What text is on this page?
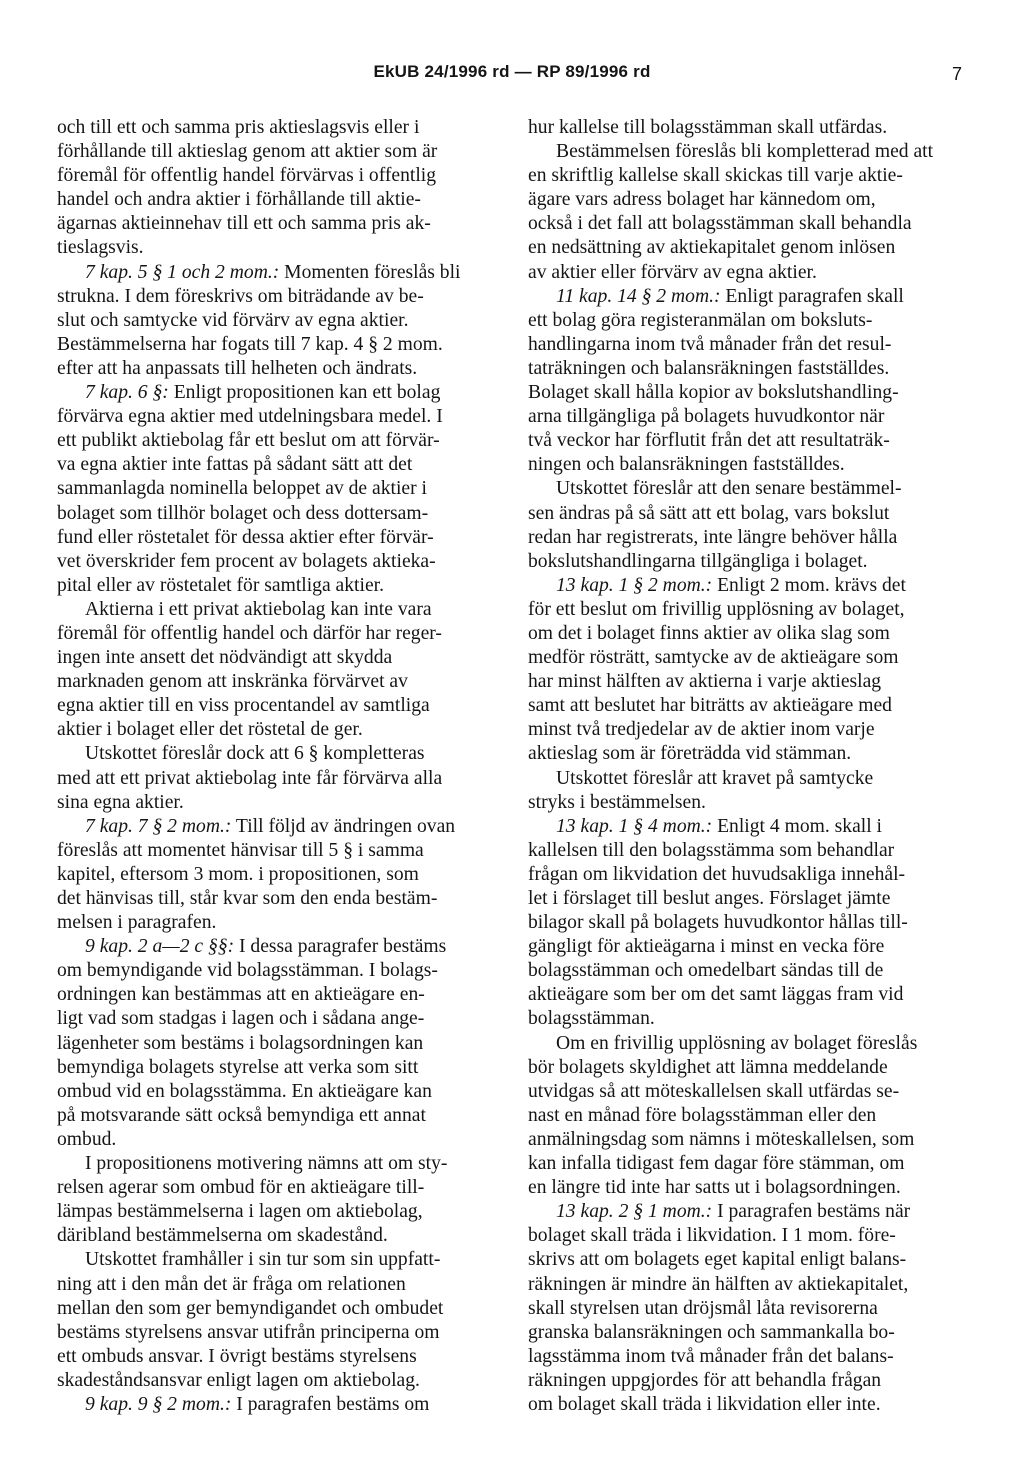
EkUB 24/1996 rd — RP 89/1996 rd	7
och till ett och samma pris aktieslagsvis eller i
förhållande till aktieslag genom att aktier som är
föremål för offentlig handel förvärvas i offentlig
handel och andra aktier i förhållande till aktie-
ägarnas aktieinnehav till ett och samma pris ak-
tieslagsvis.
7 kap. 5 § 1 och 2 mom.: Momenten föreslås bli
strukna. I dem föreskrivs om biträdande av be-
slut och samtycke vid förvärv av egna aktier.
Bestämmelserna har fogats till 7 kap. 4 § 2 mom.
efter att ha anpassats till helheten och ändrats.
7 kap. 6 §: Enligt propositionen kan ett bolag
förvärva egna aktier med utdelningsbara medel. I
ett publikt aktiebolag får ett beslut om att förvär-
va egna aktier inte fattas på sådant sätt att det
sammanlagda nominella beloppet av de aktier i
bolaget som tillhör bolaget och dess dottersam-
fund eller röstetalet för dessa aktier efter förvär-
vet överskrider fem procent av bolagets aktieka-
pital eller av röstetalet för samtliga aktier.
Aktierna i ett privat aktiebolag kan inte vara
föremål för offentlig handel och därför har reger-
ingen inte ansett det nödvändigt att skydda
marknaden genom att inskränka förvärvet av
egna aktier till en viss procentandel av samtliga
aktier i bolaget eller det röstetal de ger.
Utskottet föreslår dock att 6 § kompletteras
med att ett privat aktiebolag inte får förvärva alla
sina egna aktier.
7 kap. 7 § 2 mom.: Till följd av ändringen ovan
föreslås att momentet hänvisar till 5 § i samma
kapitel, eftersom 3 mom. i propositionen, som
det hänvisas till, står kvar som den enda bestäm-
melsen i paragrafen.
9 kap. 2 a—2 c §§: I dessa paragrafer bestäms
om bemyndigande vid bolagsstämman. I bolags-
ordningen kan bestämmas att en aktieägare en-
ligt vad som stadgas i lagen och i sådana ange-
lägenheter som bestäms i bolagsordningen kan
bemyndiga bolagets styrelse att verka som sitt
ombud vid en bolagsstämma. En aktieägare kan
på motsvarande sätt också bemyndiga ett annat
ombud.
I propositionens motivering nämns att om sty-
relsen agerar som ombud för en aktieägare till-
lämpas bestämmelserna i lagen om aktiebolag,
däribland bestämmelserna om skadestånd.
Utskottet framhåller i sin tur som sin uppfatt-
ning att i den mån det är fråga om relationen
mellan den som ger bemyndigandet och ombudet
bestäms styrelsens ansvar utifrån principerna om
ett ombuds ansvar. I övrigt bestäms styrelsens
skadeståndsansvar enligt lagen om aktiebolag.
9 kap. 9 § 2 mom.: I paragrafen bestäms om
hur kallelse till bolagsstämman skall utfärdas.
Bestämmelsen föreslås bli kompletterad med att
en skriftlig kallelse skall skickas till varje aktie-
ägare vars adress bolaget har kännedom om,
också i det fall att bolagsstämman skall behandla
en nedsättning av aktiekapitalet genom inlösen
av aktier eller förvärv av egna aktier.
11 kap. 14 § 2 mom.: Enligt paragrafen skall
ett bolag göra registeranmälan om boksluts-
handlingarna inom två månader från det resul-
taträkningen och balansräkningen fastställdes.
Bolaget skall hålla kopior av bokslutshandling-
arna tillgängliga på bolagets huvudkontor när
två veckor har förflutit från det att resultaträk-
ningen och balansräkningen fastställdes.
Utskottet föreslår att den senare bestämmel-
sen ändras på så sätt att ett bolag, vars bokslut
redan har registrerats, inte längre behöver hålla
bokslutshandlingarna tillgängliga i bolaget.
13 kap. 1 § 2 mom.: Enligt 2 mom. krävs det
för ett beslut om frivillig upplösning av bolaget,
om det i bolaget finns aktier av olika slag som
medför rösträtt, samtycke av de aktieägare som
har minst hälften av aktierna i varje aktieslag
samt att beslutet har biträtts av aktieägare med
minst två tredjedelar av de aktier inom varje
aktieslag som är företrädda vid stämman.
Utskottet föreslår att kravet på samtycke
stryks i bestämmelsen.
13 kap. 1 § 4 mom.: Enligt 4 mom. skall i
kallelsen till den bolagsstämma som behandlar
frågan om likvidation det huvudsakliga innehål-
let i förslaget till beslut anges. Förslaget jämte
bilagor skall på bolagets huvudkontor hållas till-
gängligt för aktieägarna i minst en vecka före
bolagsstämman och omedelbart sändas till de
aktieägare som ber om det samt läggas fram vid
bolagsstämman.
Om en frivillig upplösning av bolaget föreslås
bör bolagets skyldighet att lämna meddelande
utvidgas så att möteskallelsen skall utfärdas se-
nast en månad före bolagsstämman eller den
anmälningsdag som nämns i möteskallelsen, som
kan infalla tidigast fem dagar före stämman, om
en längre tid inte har satts ut i bolagsordningen.
13 kap. 2 § 1 mom.: I paragrafen bestäms när
bolaget skall träda i likvidation. I 1 mom. före-
skrivs att om bolagets eget kapital enligt balans-
räkningen är mindre än hälften av aktiekapitalet,
skall styrelsen utan dröjsmål låta revisorerna
granska balansräkningen och sammankalla bo-
lagsstämma inom två månader från det balans-
räkningen uppgjordes för att behandla frågan
om bolaget skall träda i likvidation eller inte.
